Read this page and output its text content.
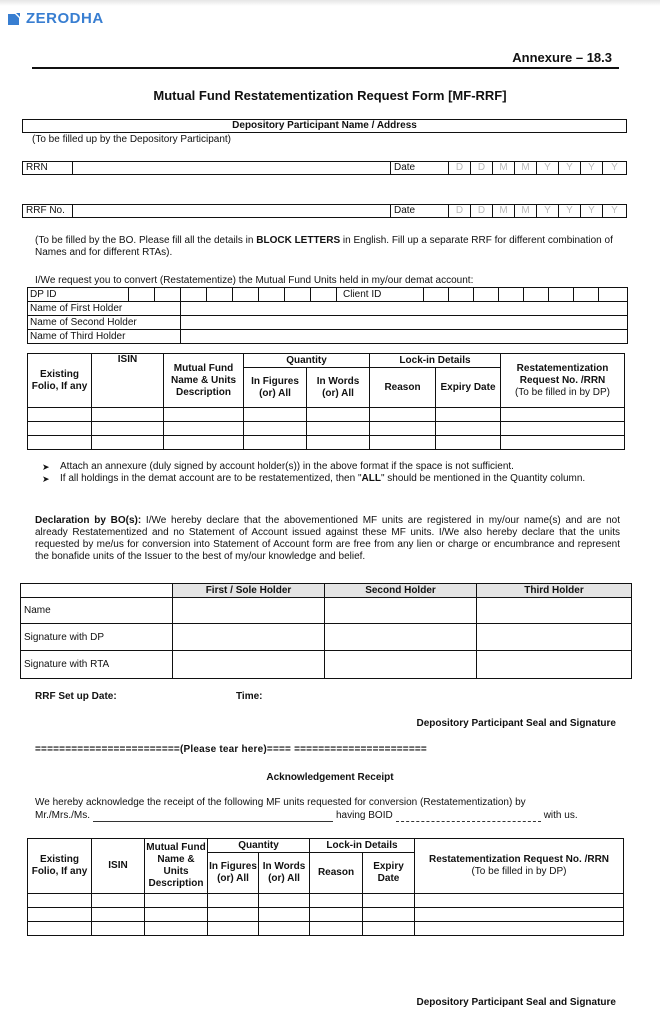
ZERODHA
Annexure – 18.3
Mutual Fund Restatementization Request Form [MF-RRF]
Depository Participant Name / Address
(To be filled up by the Depository Participant)
RRN	Date	D	D	M	M	Y	Y	Y	Y
RRF No.	Date	D	D	M	M	Y	Y	Y	Y
(To be filled by the BO. Please fill all the details in BLOCK LETTERS in English. Fill up a separate RRF for different combination of Names and for different RTAs).
I/We request you to convert (Restatementize) the Mutual Fund Units held in my/our demat account:
DP ID									Client ID								
Name of First Holder																	
Name of Second Holder																	
Name of Third Holder																	
Existing Folio, If any	ISIN	Mutual Fund Name & Units Description	Quantity		Lock-in Details		Restatementization Request No. /RRN
(To be filled in by DP)
			In Figures (or) All	In Words (or) All	Reason	Expiry Date	

➤ Attach an annexure (duly signed by account holder(s)) in the above format if the space is not sufficient.
➤ If all holdings in the demat account are to be restatementized, then "ALL" should be mentioned in the Quantity column.
Declaration by BO(s): I/We hereby declare that the abovementioned MF units are registered in my/our name(s) and are not already Restatementized and no Statement of Account issued against these MF units. I/We also hereby declare that the units requested by me/us for conversion into Statement of Account form are free from any lien or charge or encumbrance and represent the bonafide units of the Issuer to the best of my/our knowledge and belief.
	First / Sole Holder	Second Holder	Third Holder
Name			
Signature with DP			
Signature with RTA			
RRF Set up Date:	Time:
Depository Participant Seal and Signature
========================(Please tear here)==== ======================
Acknowledgement Receipt
We hereby acknowledge the receipt of the following MF units requested for conversion (Restatementization) by
Mr./Mrs./Ms.	having BOID	with us.
Existing Folio, If any	ISIN	Mutual Fund Name & Units Description	Quantity		Lock-in Details		Restatementization Request No. /RRN
(To be filled in by DP)
			In Figures (or) All	In Words (or) All	Reason	Expiry Date	

Depository Participant Seal and Signature
